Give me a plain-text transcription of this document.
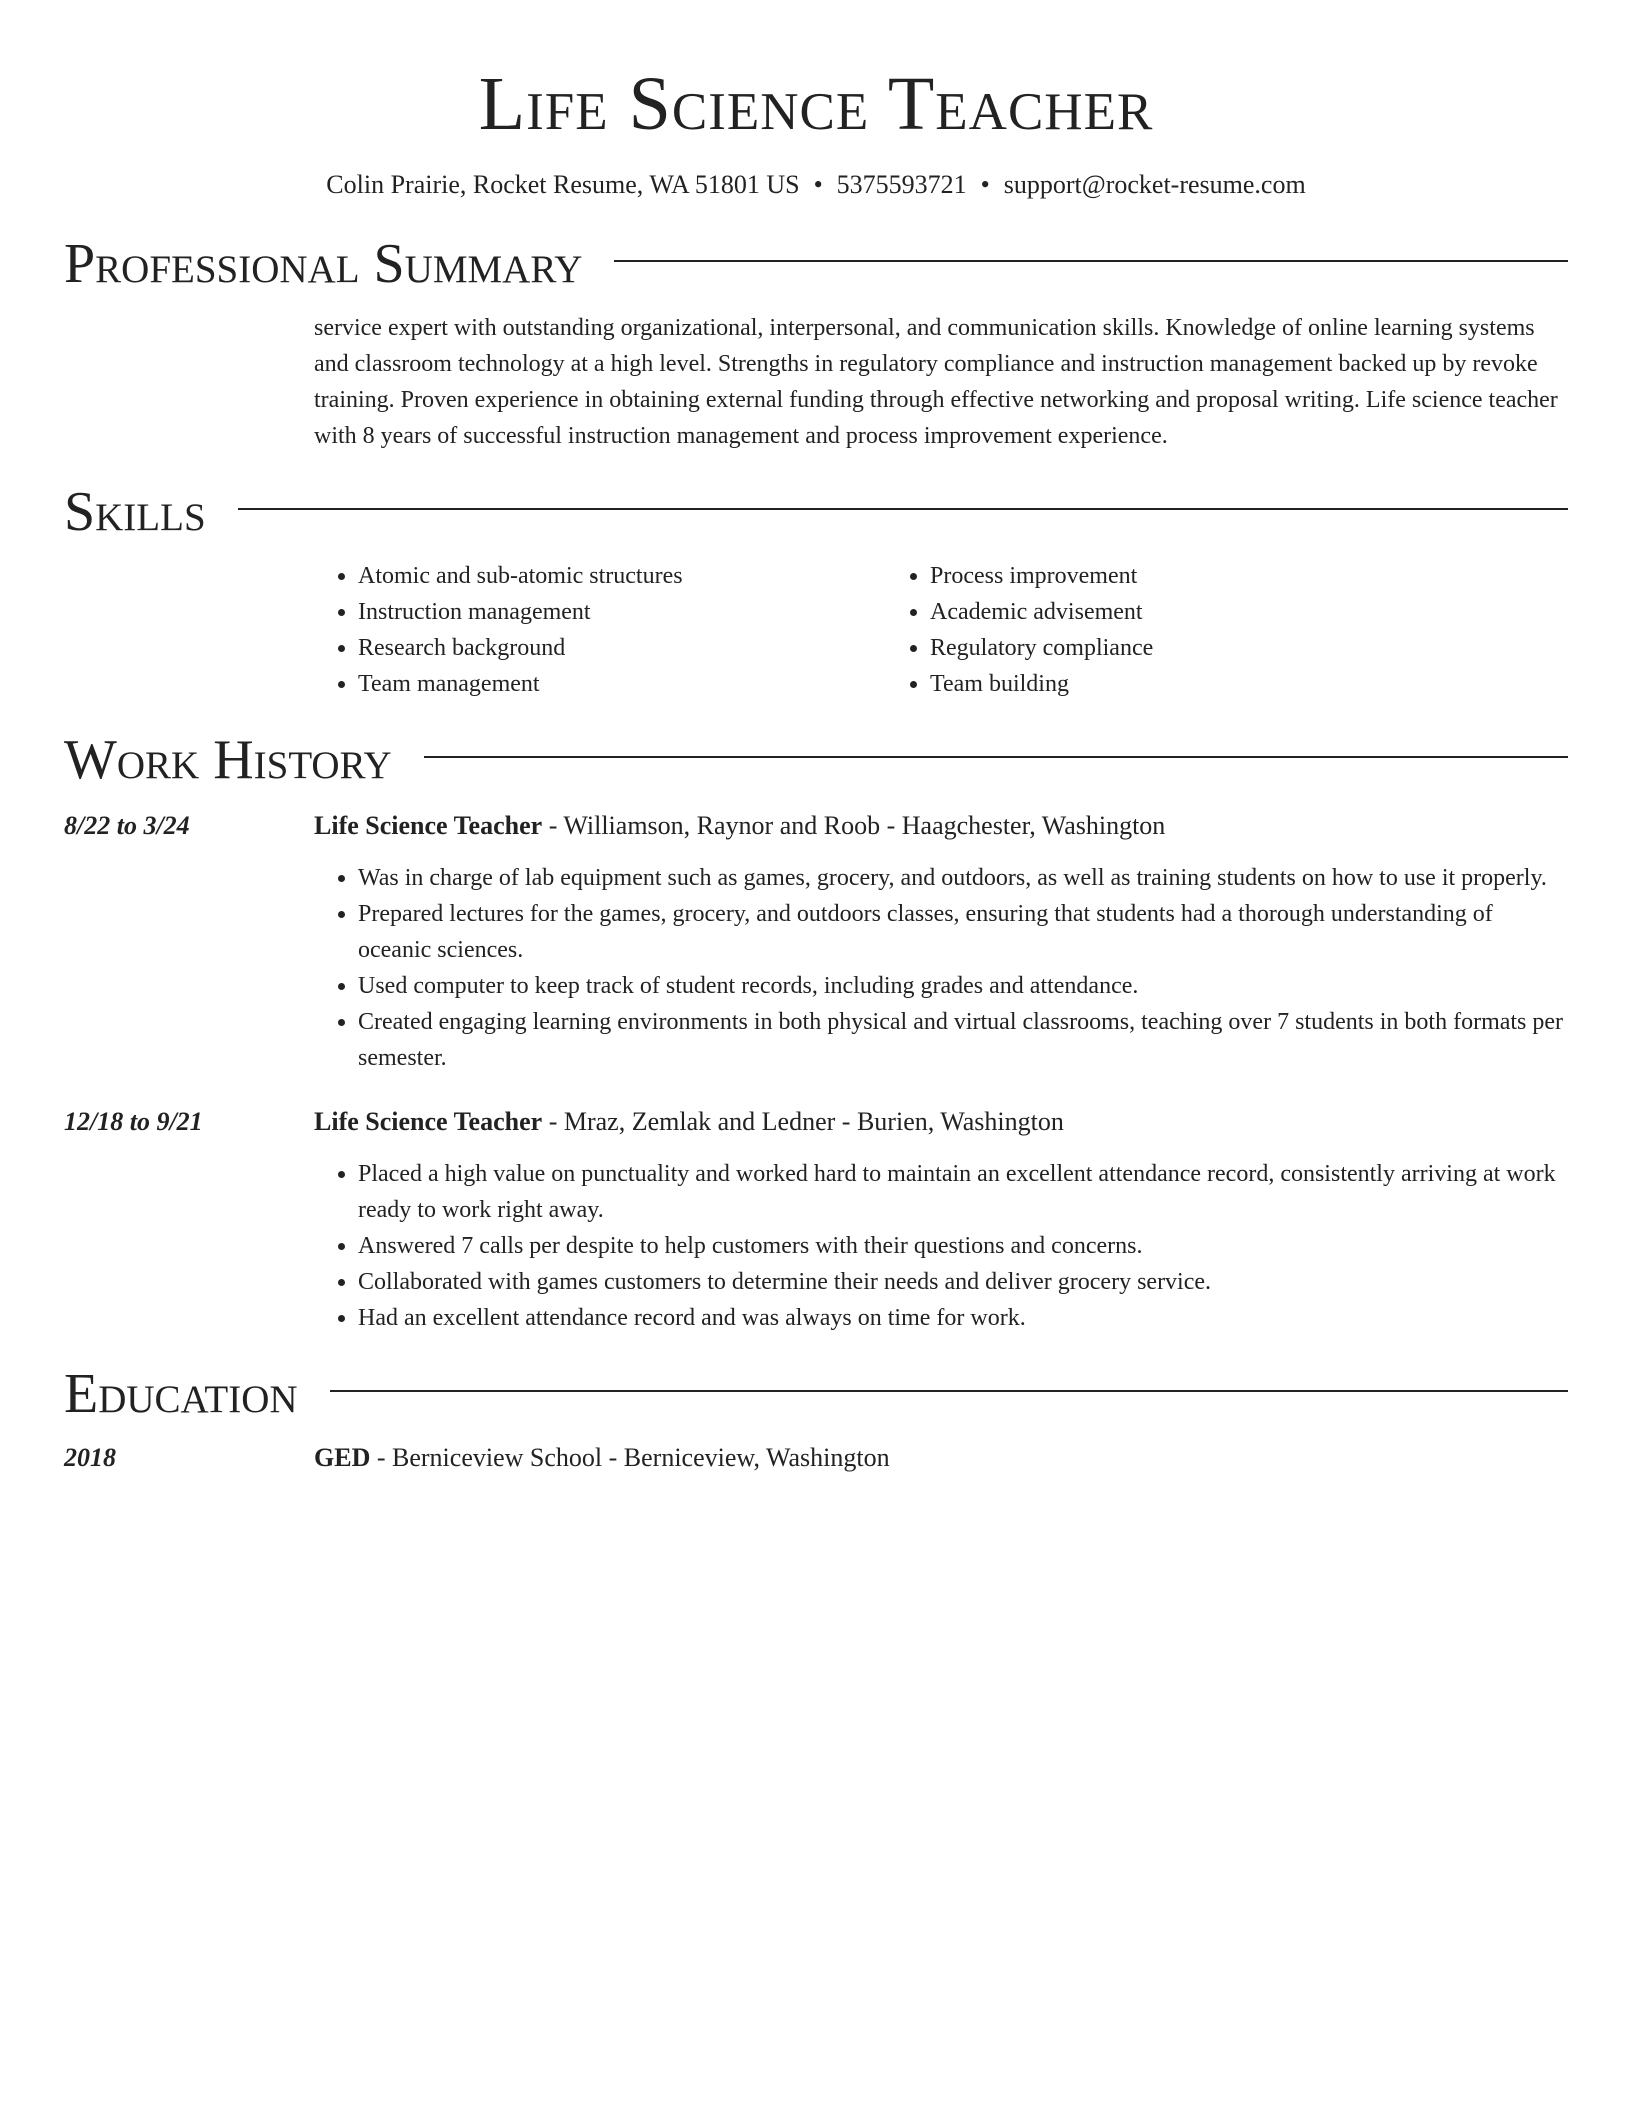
Life Science Teacher
Colin Prairie, Rocket Resume, WA 51801 US • 5375593721 • support@rocket-resume.com
Professional Summary

service expert with outstanding organizational, interpersonal, and communication skills. Knowledge of online learning systems and classroom technology at a high level. Strengths in regulatory compliance and instruction management backed up by revoke training. Proven experience in obtaining external funding through effective networking and proposal writing. Life science teacher with 8 years of successful instruction management and process improvement experience.

Skills
• Atomic and sub-atomic structures
• Instruction management
• Research background
• Team management
• Process improvement
• Academic advisement
• Regulatory compliance
• Team building
Work History
8/22 to 3/24	Life Science Teacher - Williamson, Raynor and Roob - Haagchester, Washington
• Was in charge of lab equipment such as games, grocery, and outdoors, as well as training students on how to use it properly.
• Prepared lectures for the games, grocery, and outdoors classes, ensuring that students had a thorough understanding of oceanic sciences.
• Used computer to keep track of student records, including grades and attendance.
• Created engaging learning environments in both physical and virtual classrooms, teaching over 7 students in both formats per semester.
12/18 to 9/21	Life Science Teacher - Mraz, Zemlak and Ledner - Burien, Washington
• Placed a high value on punctuality and worked hard to maintain an excellent attendance record, consistently arriving at work ready to work right away.
• Answered 7 calls per despite to help customers with their questions and concerns.
• Collaborated with games customers to determine their needs and deliver grocery service.
• Had an excellent attendance record and was always on time for work.
Education
2018	GED - Berniceview School - Berniceview, Washington
